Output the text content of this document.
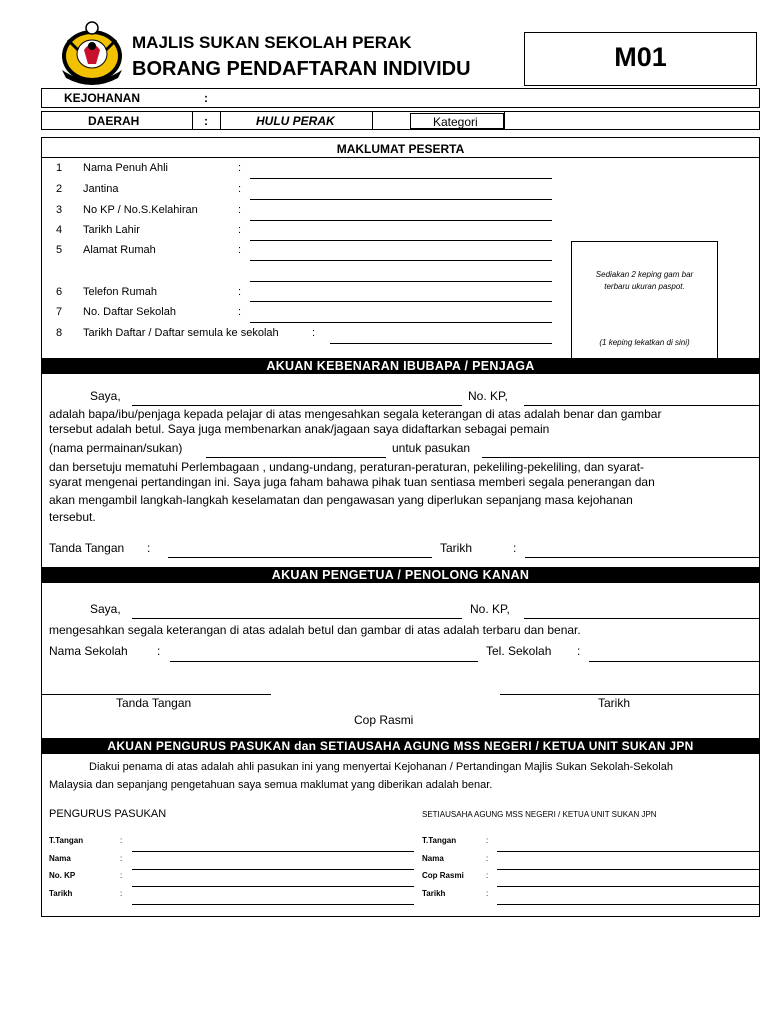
MAJLIS SUKAN SEKOLAH PERAK
BORANG PENDAFTARAN INDIVIDU	M01
KEJOHANAN	:
DAERAH	:	HULU PERAK	Kategori
MAKLUMAT PESERTA
1 Nama Penuh Ahli	:
2 Jantina	:
3 No KP / No.S.Kelahiran	:
4 Tarikh Lahir	:
5 Alamat Rumah	:
6 Telefon Rumah	:
7 No. Daftar Sekolah	:
8 Tarikh Daftar / Daftar semula ke sekolah	:
Sediakan 2 keping gam bar
terbaru ukuran paspot.
(1 keping lekatkan di sini)
AKUAN KEBENARAN IBUBAPA / PENJAGA
Saya,	No. KP,
adalah bapa/ibu/penjaga kepada pelajar di atas mengesahkan segala keterangan di atas adalah benar dan gambar
tersebut adalah betul. Saya juga membenarkan anak/jagaan saya didaftarkan sebagai pemain
(nama permainan/sukan)	untuk pasukan
dan bersetuju mematuhi Perlembagaan , undang-undang, peraturan-peraturan, pekeliling-pekeliling, dan syarat-
syarat mengenai pertandingan ini. Saya juga faham bahawa pihak tuan sentiasa memberi segala penerangan dan
akan mengambil langkah-langkah keselamatan dan pengawasan yang diperlukan sepanjang masa kejohanan
tersebut.
Tanda Tangan :	Tarikh	:
AKUAN PENGETUA / PENOLONG KANAN
Saya,	No. KP,
mengesahkan segala keterangan di atas adalah betul dan gambar di atas adalah terbaru dan benar.
Nama Sekolah :	Tel. Sekolah :
Tanda Tangan	Tarikh
Cop Rasmi
AKUAN PENGURUS PASUKAN dan SETIAUSAHA AGUNG MSS NEGERI / KETUA UNIT SUKAN JPN
Diakui penama di atas adalah ahli pasukan ini yang menyertai Kejohanan / Pertandingan Majlis Sukan Sekolah-Sekolah
Malaysia dan sepanjang pengetahuan saya semua maklumat yang diberikan adalah benar.
PENGURUS PASUKAN	SETIAUSAHA AGUNG MSS NEGERI / KETUA UNIT SUKAN JPN
T.Tangan	:
Nama	:
No. KP	:
Tarikh	:
T.Tangan	:
Nama	:
Cop Rasmi	:
Tarikh	:
